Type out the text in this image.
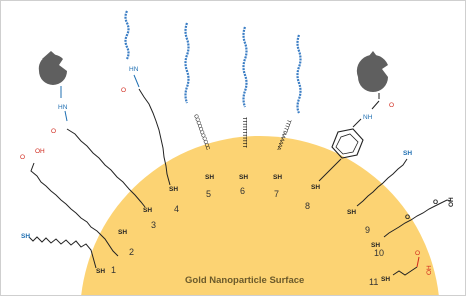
Gold Nanoparticle Surface
SH
SH 1
O
OH
SH
2
HN
O
SH
3
HN
O
SH
4
CCCCCCCCCCC
SH
5
TTTTTTTTTTT
SH
6
TTTTTAAAAAA
SH
7
O
NH
SH
8
SH
SH
9
O
O OH
SH
10	O
OH
SH
11
